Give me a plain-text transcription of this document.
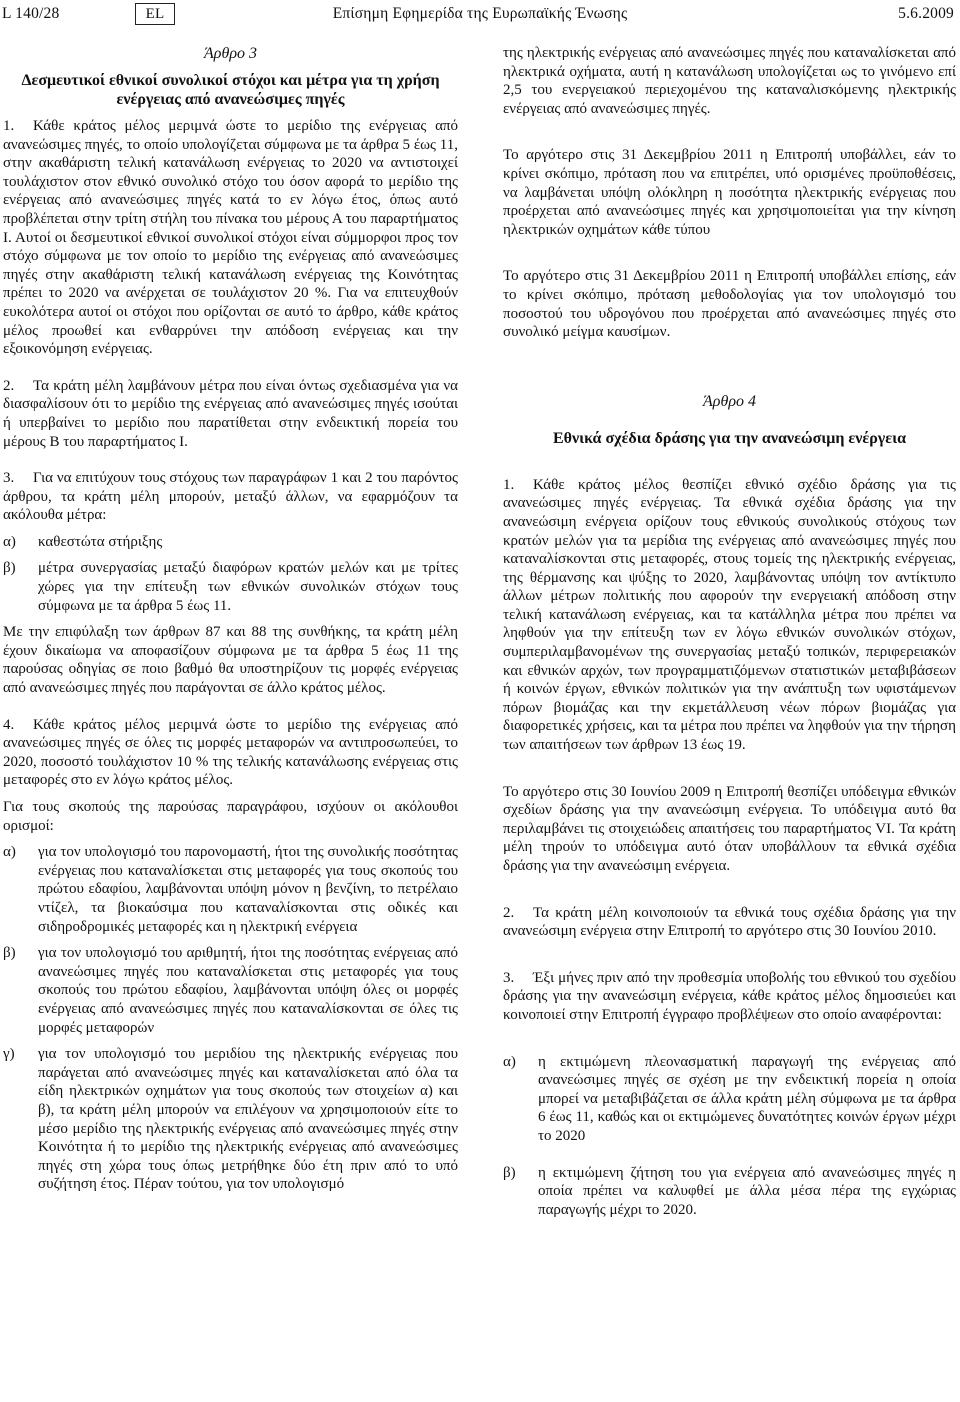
L 140/28	EL	Επίσημη Εφημερίδα της Ευρωπαϊκής Ένωσης	5.6.2009

Άρθρο 3

Δεσμευτικοί εθνικοί συνολικοί στόχοι και μέτρα για τη χρήση ενέργειας από ανανεώσιμες πηγές

1. Κάθε κράτος μέλος μεριμνά ώστε το μερίδιο της ενέργειας από ανανεώσιμες πηγές, το οποίο υπολογίζεται σύμφωνα με τα άρθρα 5 έως 11, στην ακαθάριστη τελική κατανάλωση ενέργειας το 2020 να αντιστοιχεί τουλάχιστον στον εθνικό συνολικό στόχο του όσον αφορά το μερίδιο της ενέργειας από ανανεώσιμες πηγές κατά το εν λόγω έτος, όπως αυτό προβλέπεται στην τρίτη στήλη του πίνακα του μέρους Α του παραρτήματος Ι. Αυτοί οι δεσμευτικοί εθνικοί συνολικοί στόχοι είναι σύμμορφοι προς τον στόχο σύμφωνα με τον οποίο το μερίδιο της ενέργειας από ανανεώσιμες πηγές στην ακαθάριστη τελική κατανάλωση ενέργειας της Κοινότητας πρέπει το 2020 να ανέρχεται σε τουλάχιστον 20 %. Για να επιτευχθούν ευκολότερα αυτοί οι στόχοι που ορίζονται σε αυτό το άρθρο, κάθε κράτος μέλος προωθεί και ενθαρρύνει την απόδοση ενέργειας και την εξοικονόμηση ενέργειας.

2. Τα κράτη μέλη λαμβάνουν μέτρα που είναι όντως σχεδιασμένα για να διασφαλίσουν ότι το μερίδιο της ενέργειας από ανανεώσιμες πηγές ισούται ή υπερβαίνει το μερίδιο που παρατίθεται στην ενδεικτική πορεία του μέρους Β του παραρτήματος Ι.

3. Για να επιτύχουν τους στόχους των παραγράφων 1 και 2 του παρόντος άρθρου, τα κράτη μέλη μπορούν, μεταξύ άλλων, να εφαρμόζουν τα ακόλουθα μέτρα:

α) καθεστώτα στήριξης
β) μέτρα συνεργασίας μεταξύ διαφόρων κρατών μελών και με τρίτες χώρες για την επίτευξη των εθνικών συνολικών στόχων τους σύμφωνα με τα άρθρα 5 έως 11.

Με την επιφύλαξη των άρθρων 87 και 88 της συνθήκης, τα κράτη μέλη έχουν δικαίωμα να αποφασίζουν σύμφωνα με τα άρθρα 5 έως 11 της παρούσας οδηγίας σε ποιο βαθμό θα υποστηρίζουν τις μορφές ενέργειας από ανανεώσιμες πηγές που παράγονται σε άλλο κράτος μέλος.

4. Κάθε κράτος μέλος μεριμνά ώστε το μερίδιο της ενέργειας από ανανεώσιμες πηγές σε όλες τις μορφές μεταφορών να αντιπροσωπεύει, το 2020, ποσοστό τουλάχιστον 10 % της τελικής κατανάλωσης ενέργειας στις μεταφορές στο εν λόγω κράτος μέλος.

Για τους σκοπούς της παρούσας παραγράφου, ισχύουν οι ακόλουθοι ορισμοί:

α) για τον υπολογισμό του παρονομαστή, ήτοι της συνολικής ποσότητας ενέργειας που καταναλίσκεται στις μεταφορές για τους σκοπούς του πρώτου εδαφίου, λαμβάνονται υπόψη μόνον η βενζίνη, το πετρέλαιο ντίζελ, τα βιοκαύσιμα που καταναλίσκονται στις οδικές και σιδηροδρομικές μεταφορές και η ηλεκτρική ενέργεια
β) για τον υπολογισμό του αριθμητή, ήτοι της ποσότητας ενέργειας από ανανεώσιμες πηγές που καταναλίσκεται στις μεταφορές για τους σκοπούς του πρώτου εδαφίου, λαμβάνονται υπόψη όλες οι μορφές ενέργειας από ανανεώσιμες πηγές που καταναλίσκονται σε όλες τις μορφές μεταφορών
γ) για τον υπολογισμό του μεριδίου της ηλεκτρικής ενέργειας που παράγεται από ανανεώσιμες πηγές και καταναλίσκεται από όλα τα είδη ηλεκτρικών οχημάτων για τους σκοπούς των στοιχείων α) και β), τα κράτη μέλη μπορούν να επιλέγουν να χρησιμοποιούν είτε το μέσο μερίδιο της ηλεκτρικής ενέργειας από ανανεώσιμες πηγές στην Κοινότητα ή το μερίδιο της ηλεκτρικής ενέργειας από ανανεώσιμες πηγές στη χώρα τους όπως μετρήθηκε δύο έτη πριν από το υπό συζήτηση έτος. Πέραν τούτου, για τον υπολογισμό

της ηλεκτρικής ενέργειας από ανανεώσιμες πηγές που καταναλίσκεται από ηλεκτρικά οχήματα, αυτή η κατανάλωση υπολογίζεται ως το γινόμενο επί 2,5 του ενεργειακού περιεχομένου της καταναλισκόμενης ηλεκτρικής ενέργειας από ανανεώσιμες πηγές.

Το αργότερο στις 31 Δεκεμβρίου 2011 η Επιτροπή υποβάλλει, εάν το κρίνει σκόπιμο, πρόταση που να επιτρέπει, υπό ορισμένες προϋποθέσεις, να λαμβάνεται υπόψη ολόκληρη η ποσότητα ηλεκτρικής ενέργειας που προέρχεται από ανανεώσιμες πηγές και χρησιμοποιείται για την κίνηση ηλεκτρικών οχημάτων κάθε τύπου

Το αργότερο στις 31 Δεκεμβρίου 2011 η Επιτροπή υποβάλλει επίσης, εάν το κρίνει σκόπιμο, πρόταση μεθοδολογίας για τον υπολογισμό του ποσοστού του υδρογόνου που προέρχεται από ανανεώσιμες πηγές στο συνολικό μείγμα καυσίμων.

Άρθρο 4

Εθνικά σχέδια δράσης για την ανανεώσιμη ενέργεια

1. Κάθε κράτος μέλος θεσπίζει εθνικό σχέδιο δράσης για τις ανανεώσιμες πηγές ενέργειας. Τα εθνικά σχέδια δράσης για την ανανεώσιμη ενέργεια ορίζουν τους εθνικούς συνολικούς στόχους των κρατών μελών για τα μερίδια της ενέργειας από ανανεώσιμες πηγές που καταναλίσκονται στις μεταφορές, στους τομείς της ηλεκτρικής ενέργειας, της θέρμανσης και ψύξης το 2020, λαμβάνοντας υπόψη τον αντίκτυπο άλλων μέτρων πολιτικής που αφορούν την ενεργειακή απόδοση στην τελική κατανάλωση ενέργειας, και τα κατάλληλα μέτρα που πρέπει να ληφθούν για την επίτευξη των εν λόγω εθνικών συνολικών στόχων, συμπεριλαμβανομένων της συνεργασίας μεταξύ τοπικών, περιφερειακών και εθνικών αρχών, των προγραμματιζόμενων στατιστικών μεταβιβάσεων ή κοινών έργων, εθνικών πολιτικών για την ανάπτυξη των υφιστάμενων πόρων βιομάζας και την εκμετάλλευση νέων πόρων βιομάζας για διαφορετικές χρήσεις, και τα μέτρα που πρέπει να ληφθούν για την τήρηση των απαιτήσεων των άρθρων 13 έως 19.

Το αργότερο στις 30 Ιουνίου 2009 η Επιτροπή θεσπίζει υπόδειγμα εθνικών σχεδίων δράσης για την ανανεώσιμη ενέργεια. Το υπόδειγμα αυτό θα περιλαμβάνει τις στοιχειώδεις απαιτήσεις του παραρτήματος VI. Τα κράτη μέλη τηρούν το υπόδειγμα αυτό όταν υποβάλλουν τα εθνικά σχέδια δράσης για την ανανεώσιμη ενέργεια.

2. Τα κράτη μέλη κοινοποιούν τα εθνικά τους σχέδια δράσης για την ανανεώσιμη ενέργεια στην Επιτροπή το αργότερο στις 30 Ιουνίου 2010.

3. Έξι μήνες πριν από την προθεσμία υποβολής του εθνικού του σχεδίου δράσης για την ανανεώσιμη ενέργεια, κάθε κράτος μέλος δημοσιεύει και κοινοποιεί στην Επιτροπή έγγραφο προβλέψεων στο οποίο αναφέρονται:

α) η εκτιμώμενη πλεονασματική παραγωγή της ενέργειας από ανανεώσιμες πηγές σε σχέση με την ενδεικτική πορεία η οποία μπορεί να μεταβιβάζεται σε άλλα κράτη μέλη σύμφωνα με τα άρθρα 6 έως 11, καθώς και οι εκτιμώμενες δυνατότητες κοινών έργων μέχρι το 2020
β) η εκτιμώμενη ζήτηση του για ενέργεια από ανανεώσιμες πηγές η οποία πρέπει να καλυφθεί με άλλα μέσα πέρα της εγχώριας παραγωγής μέχρι το 2020.
